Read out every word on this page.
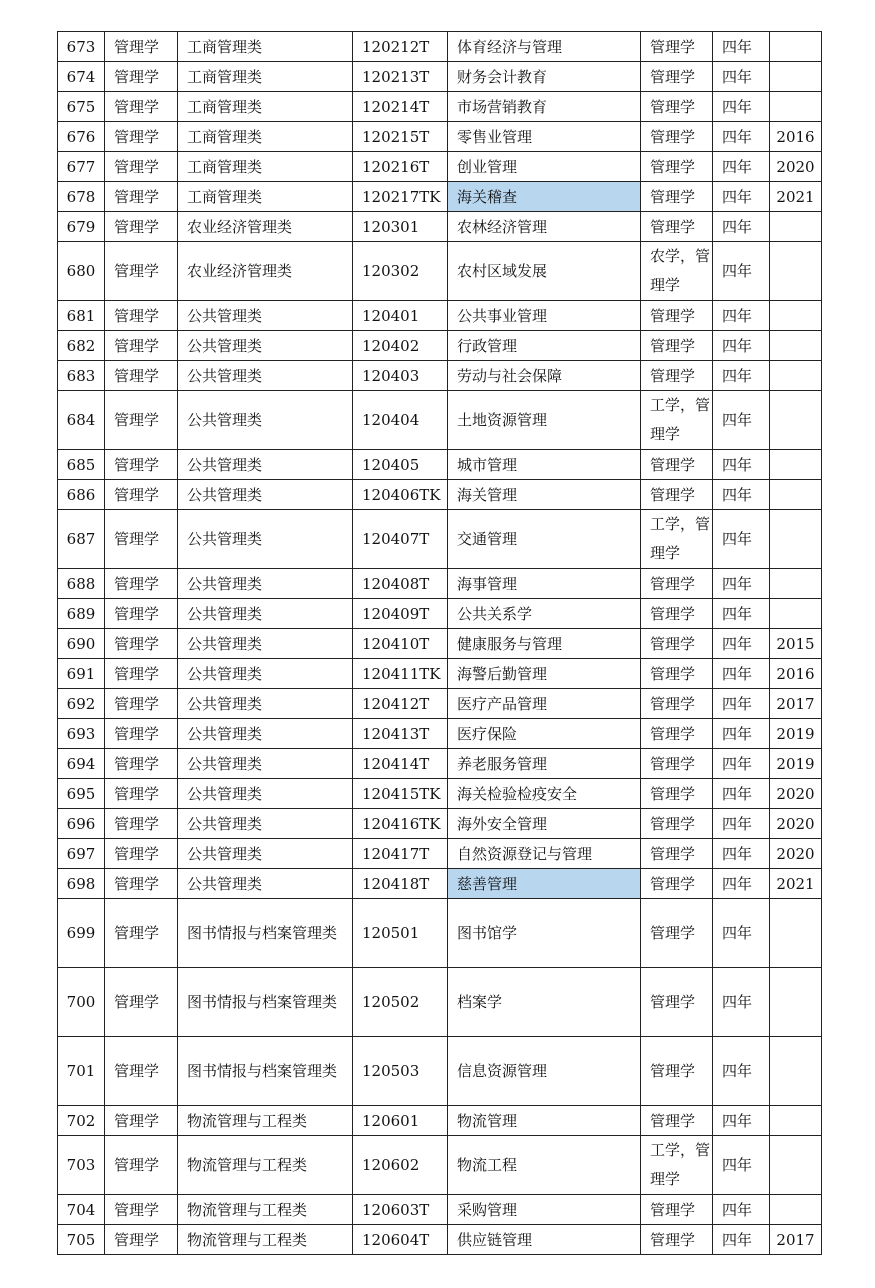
673	管理学	工商管理类	120212T	体育经济与管理	管理学	四年	
674	管理学	工商管理类	120213T	财务会计教育	管理学	四年	
675	管理学	工商管理类	120214T	市场营销教育	管理学	四年	
676	管理学	工商管理类	120215T	零售业管理	管理学	四年	2016
677	管理学	工商管理类	120216T	创业管理	管理学	四年	2020
678	管理学	工商管理类	120217TK	海关稽查	管理学	四年	2021
679	管理学	农业经济管理类	120301	农林经济管理	管理学	四年	
680	管理学	农业经济管理类	120302	农村区域发展	农学，管理学	四年	
681	管理学	公共管理类	120401	公共事业管理	管理学	四年	
682	管理学	公共管理类	120402	行政管理	管理学	四年	
683	管理学	公共管理类	120403	劳动与社会保障	管理学	四年	
684	管理学	公共管理类	120404	土地资源管理	工学，管理学	四年	
685	管理学	公共管理类	120405	城市管理	管理学	四年	
686	管理学	公共管理类	120406TK	海关管理	管理学	四年	
687	管理学	公共管理类	120407T	交通管理	工学，管理学	四年	
688	管理学	公共管理类	120408T	海事管理	管理学	四年	
689	管理学	公共管理类	120409T	公共关系学	管理学	四年	
690	管理学	公共管理类	120410T	健康服务与管理	管理学	四年	2015
691	管理学	公共管理类	120411TK	海警后勤管理	管理学	四年	2016
692	管理学	公共管理类	120412T	医疗产品管理	管理学	四年	2017
693	管理学	公共管理类	120413T	医疗保险	管理学	四年	2019
694	管理学	公共管理类	120414T	养老服务管理	管理学	四年	2019
695	管理学	公共管理类	120415TK	海关检验检疫安全	管理学	四年	2020
696	管理学	公共管理类	120416TK	海外安全管理	管理学	四年	2020
697	管理学	公共管理类	120417T	自然资源登记与管理	管理学	四年	2020
698	管理学	公共管理类	120418T	慈善管理	管理学	四年	2021
699	管理学	图书情报与档案管理类	120501	图书馆学	管理学	四年	
700	管理学	图书情报与档案管理类	120502	档案学	管理学	四年	
701	管理学	图书情报与档案管理类	120503	信息资源管理	管理学	四年	
702	管理学	物流管理与工程类	120601	物流管理	管理学	四年	
703	管理学	物流管理与工程类	120602	物流工程	工学，管理学	四年	
704	管理学	物流管理与工程类	120603T	采购管理	管理学	四年	
705	管理学	物流管理与工程类	120604T	供应链管理	管理学	四年	2017
